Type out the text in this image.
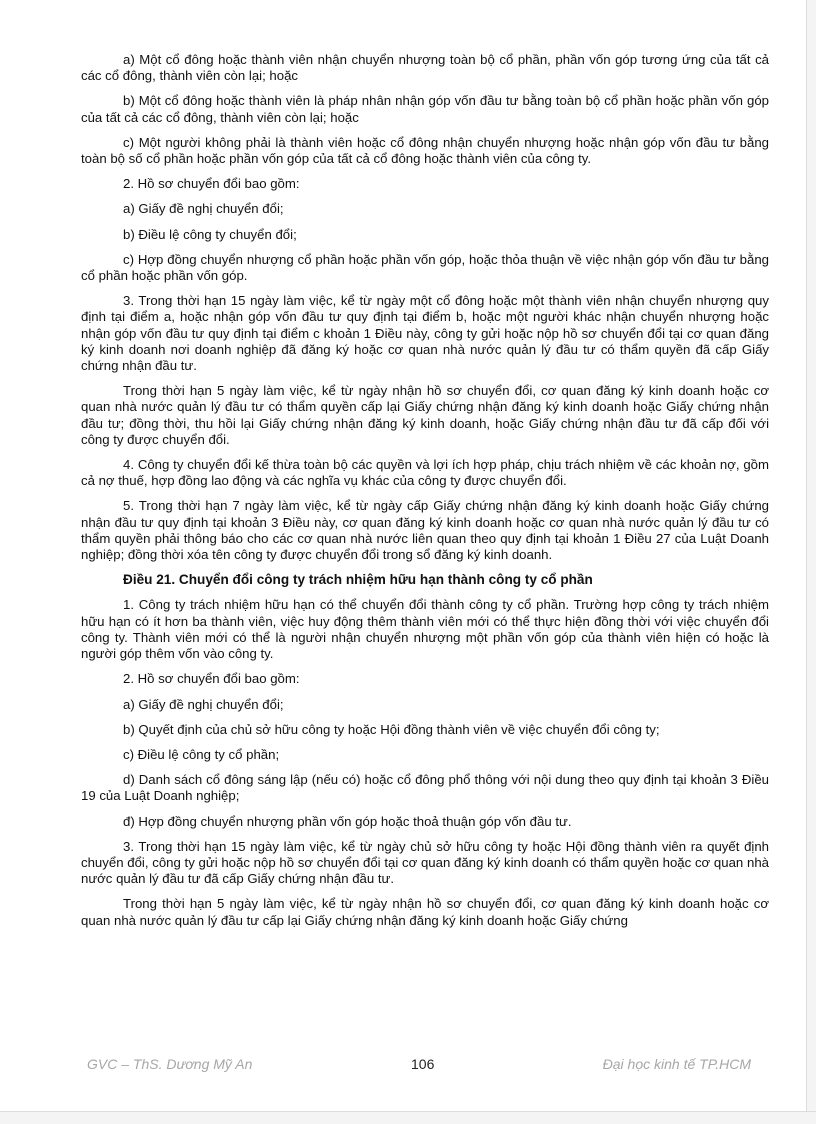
a) Một cổ đông hoặc thành viên nhận chuyển nhượng toàn bộ cổ phần, phần vốn góp tương ứng của tất cả các cổ đông, thành viên còn lại; hoặc

b) Một cổ đông hoặc thành viên là pháp nhân nhận góp vốn đầu tư bằng toàn bộ cổ phần hoặc phần vốn góp của tất cả các cổ đông, thành viên còn lại; hoặc

c) Một người không phải là thành viên hoặc cổ đông nhận chuyển nhượng hoặc nhận góp vốn đầu tư bằng toàn bộ số cổ phần hoặc phần vốn góp của tất cả cổ đông hoặc thành viên của công ty.

2. Hồ sơ chuyển đổi bao gồm:

a) Giấy đề nghị chuyển đổi;

b) Điều lệ công ty chuyển đổi;

c) Hợp đồng chuyển nhượng cổ phần hoặc phần vốn góp, hoặc thỏa thuận về việc nhận góp vốn đầu tư bằng cổ phần hoặc phần vốn góp.

3. Trong thời hạn 15 ngày làm việc, kể từ ngày một cổ đông hoặc một thành viên nhận chuyển nhượng quy định tại điểm a, hoặc nhận góp vốn đầu tư quy định tại điểm b, hoặc một người khác nhận chuyển nhượng hoặc nhận góp vốn đầu tư quy định tại điểm c khoản 1 Điều này, công ty gửi hoặc nộp hồ sơ chuyển đổi tại cơ quan đăng ký kinh doanh nơi doanh nghiệp đã đăng ký hoặc cơ quan nhà nước quản lý đầu tư có thẩm quyền đã cấp Giấy chứng nhận đầu tư.

Trong thời hạn 5 ngày làm việc, kể từ ngày nhận hồ sơ chuyển đổi, cơ quan đăng ký kinh doanh hoặc cơ quan nhà nước quản lý đầu tư có thẩm quyền cấp lại Giấy chứng nhận đăng ký kinh doanh hoặc Giấy chứng nhận đầu tư; đồng thời, thu hồi lại Giấy chứng nhận đăng ký kinh doanh, hoặc Giấy chứng nhận đầu tư đã cấp đối với công ty được chuyển đổi.

4. Công ty chuyển đổi kế thừa toàn bộ các quyền và lợi ích hợp pháp, chịu trách nhiệm về các khoản nợ, gồm cả nợ thuế, hợp đồng lao động và các nghĩa vụ khác của công ty được chuyển đổi.

5. Trong thời hạn 7 ngày làm việc, kể từ ngày cấp Giấy chứng nhận đăng ký kinh doanh hoặc Giấy chứng nhận đầu tư quy định tại khoản 3 Điều này, cơ quan đăng ký kinh doanh hoặc cơ quan nhà nước quản lý đầu tư có thẩm quyền phải thông báo cho các cơ quan nhà nước liên quan theo quy định tại khoản 1 Điều 27 của Luật Doanh nghiệp; đồng thời xóa tên công ty được chuyển đổi trong sổ đăng ký kinh doanh.

Điều 21. Chuyển đổi công ty trách nhiệm hữu hạn thành công ty cổ phần

1. Công ty trách nhiệm hữu hạn có thể chuyển đổi thành công ty cổ phần. Trường hợp công ty trách nhiệm hữu hạn có ít hơn ba thành viên, việc huy động thêm thành viên mới có thể thực hiện đồng thời với việc chuyển đổi công ty. Thành viên mới có thể là người nhận chuyển nhượng một phần vốn góp của thành viên hiện có hoặc là người góp thêm vốn vào công ty.

2. Hồ sơ chuyển đổi bao gồm:

a) Giấy đề nghị chuyển đổi;

b) Quyết định của chủ sở hữu công ty hoặc Hội đồng thành viên về việc chuyển đổi công ty;

c) Điều lệ công ty cổ phần;

d) Danh sách cổ đông sáng lập (nếu có) hoặc cổ đông phổ thông với nội dung theo quy định tại khoản 3 Điều 19 của Luật Doanh nghiệp;

đ) Hợp đồng chuyển nhượng phần vốn góp hoặc thoả thuận góp vốn đầu tư.

3. Trong thời hạn 15 ngày làm việc, kể từ ngày chủ sở hữu công ty hoặc Hội đồng thành viên ra quyết định chuyển đổi, công ty gửi hoặc nộp hồ sơ chuyển đổi tại cơ quan đăng ký kinh doanh có thẩm quyền hoặc cơ quan nhà nước quản lý đầu tư đã cấp Giấy chứng nhận đầu tư.

Trong thời hạn 5 ngày làm việc, kể từ ngày nhận hồ sơ chuyển đổi, cơ quan đăng ký kinh doanh hoặc cơ quan nhà nước quản lý đầu tư cấp lại Giấy chứng nhận đăng ký kinh doanh hoặc Giấy chứng

GVC – ThS. Dương Mỹ An	106	Đại học kinh tế TP.HCM
